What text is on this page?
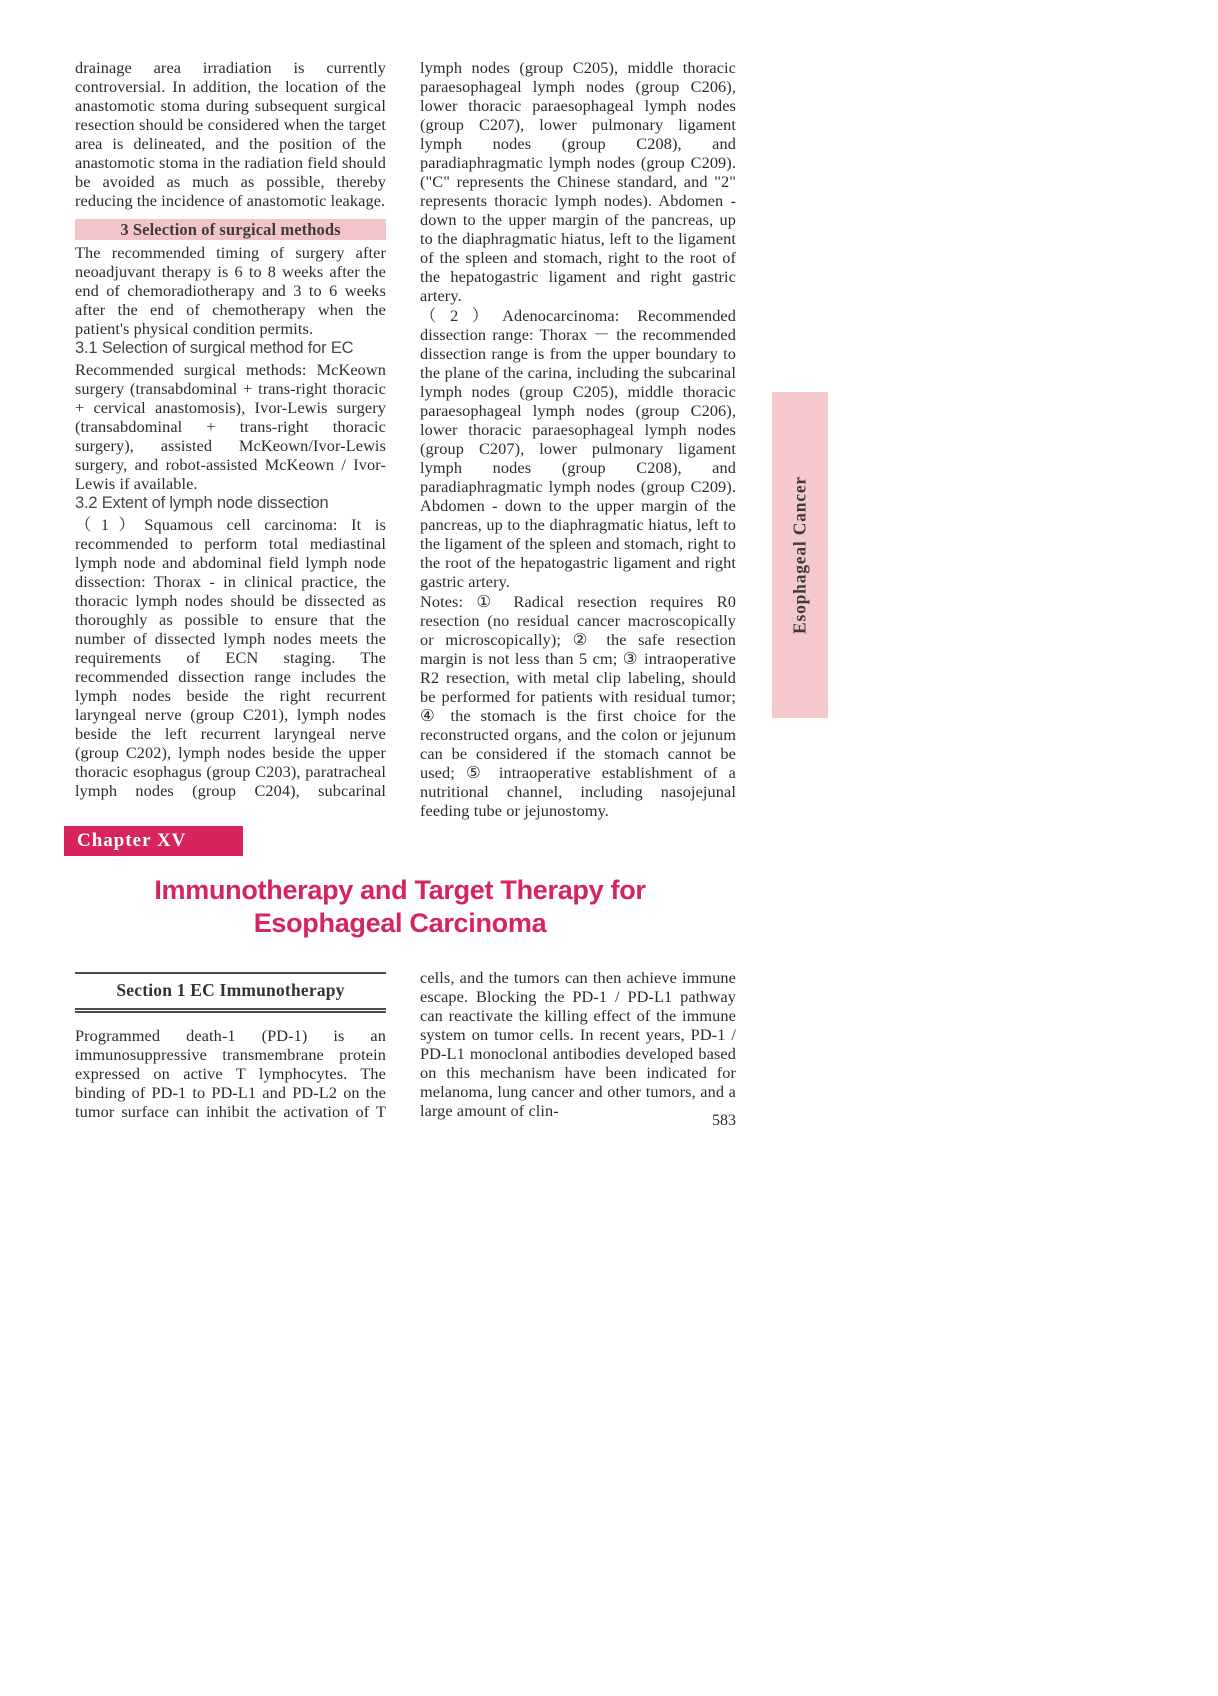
drainage area irradiation is currently controversial. In addition, the location of the anastomotic stoma during subsequent surgical resection should be considered when the target area is delineated, and the position of the anastomotic stoma in the radiation field should be avoided as much as possible, thereby reducing the incidence of anastomotic leakage.

3 Selection of surgical methods

The recommended timing of surgery after neoadjuvant therapy is 6 to 8 weeks after the end of chemoradiotherapy and 3 to 6 weeks after the end of chemotherapy when the patient's physical condition permits.

3.1 Selection of surgical method for EC

Recommended surgical methods: McKeown surgery (transabdominal + trans-right thoracic + cervical anastomosis), Ivor-Lewis surgery (transabdominal + trans-right thoracic surgery), assisted McKeown/Ivor-Lewis surgery, and robot-assisted McKeown / Ivor-Lewis if available.

3.2 Extent of lymph node dissection

（1）Squamous cell carcinoma: It is recommended to perform total mediastinal lymph node and abdominal field lymph node dissection: Thorax - in clinical practice, the thoracic lymph nodes should be dissected as thoroughly as possible to ensure that the number of dissected lymph nodes meets the requirements of ECN staging. The recommended dissection range includes the lymph nodes beside the right recurrent laryngeal nerve (group C201), lymph nodes beside the left recurrent laryngeal nerve (group C202), lymph nodes beside the upper thoracic esophagus (group C203), paratracheal lymph nodes (group C204), subcarinal

lymph nodes (group C205), middle thoracic paraesophageal lymph nodes (group C206), lower thoracic paraesophageal lymph nodes (group C207), lower pulmonary ligament lymph nodes (group C208), and paradiaphragmatic lymph nodes (group C209). ("C" represents the Chinese standard, and "2" represents thoracic lymph nodes). Abdomen - down to the upper margin of the pancreas, up to the diaphragmatic hiatus, left to the ligament of the spleen and stomach, right to the root of the hepatogastric ligament and right gastric artery.

（2）Adenocarcinoma: Recommended dissection range: Thorax － the recommended dissection range is from the upper boundary to the plane of the carina, including the subcarinal lymph nodes (group C205), middle thoracic paraesophageal lymph nodes (group C206), lower thoracic paraesophageal lymph nodes (group C207), lower pulmonary ligament lymph nodes (group C208), and paradiaphragmatic lymph nodes (group C209). Abdomen - down to the upper margin of the pancreas, up to the diaphragmatic hiatus, left to the ligament of the spleen and stomach, right to the root of the hepatogastric ligament and right gastric artery.

Notes: ① Radical resection requires R0 resection (no residual cancer macroscopically or microscopically); ② the safe resection margin is not less than 5 cm; ③ intraoperative R2 resection, with metal clip labeling, should be performed for patients with residual tumor; ④ the stomach is the first choice for the reconstructed organs, and the colon or jejunum can be considered if the stomach cannot be used; ⑤ intraoperative establishment of a nutritional channel, including nasojejunal feeding tube or jejunostomy.

Esophageal Cancer
Chapter XV
Immunotherapy and Target Therapy for
Esophageal Carcinoma
Section 1 EC Immunotherapy

Programmed death-1 (PD-1) is an immunosuppressive transmembrane protein expressed on active T lymphocytes. The binding of PD-1 to PD-L1 and PD-L2 on the tumor surface can inhibit the activation of T

cells, and the tumors can then achieve immune escape. Blocking the PD-1 / PD-L1 pathway can reactivate the killing effect of the immune system on tumor cells. In recent years, PD-1 / PD-L1 monoclonal antibodies developed based on this mechanism have been indicated for melanoma, lung cancer and other tumors, and a large amount of clin-

583
